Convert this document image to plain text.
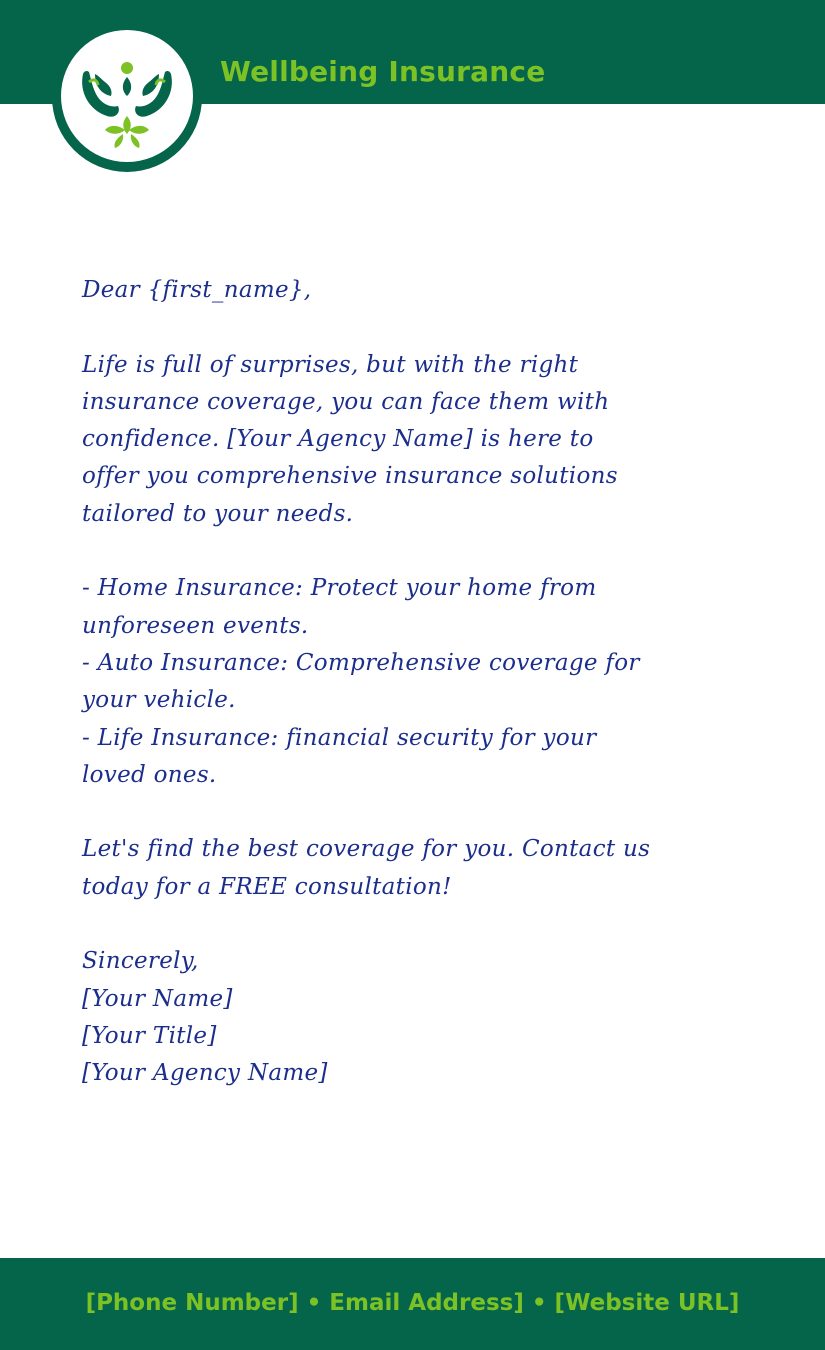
Wellbeing Insurance

Dear {first_name},

Life is full of surprises, but with the right

insurance coverage, you can face them with

confidence. [Your Agency Name] is here to

offer you comprehensive insurance solutions

tailored to your needs.

- Home Insurance: Protect your home from

unforeseen events.

- Auto Insurance: Comprehensive coverage for

your vehicle.

- Life Insurance: financial security for your

loved ones.

Let's find the best coverage for you. Contact us

today for a FREE consultation!

Sincerely,

[Your Name]

[Your Title]

[Your Agency Name]

[Phone Number] • Email Address] • [Website URL]
